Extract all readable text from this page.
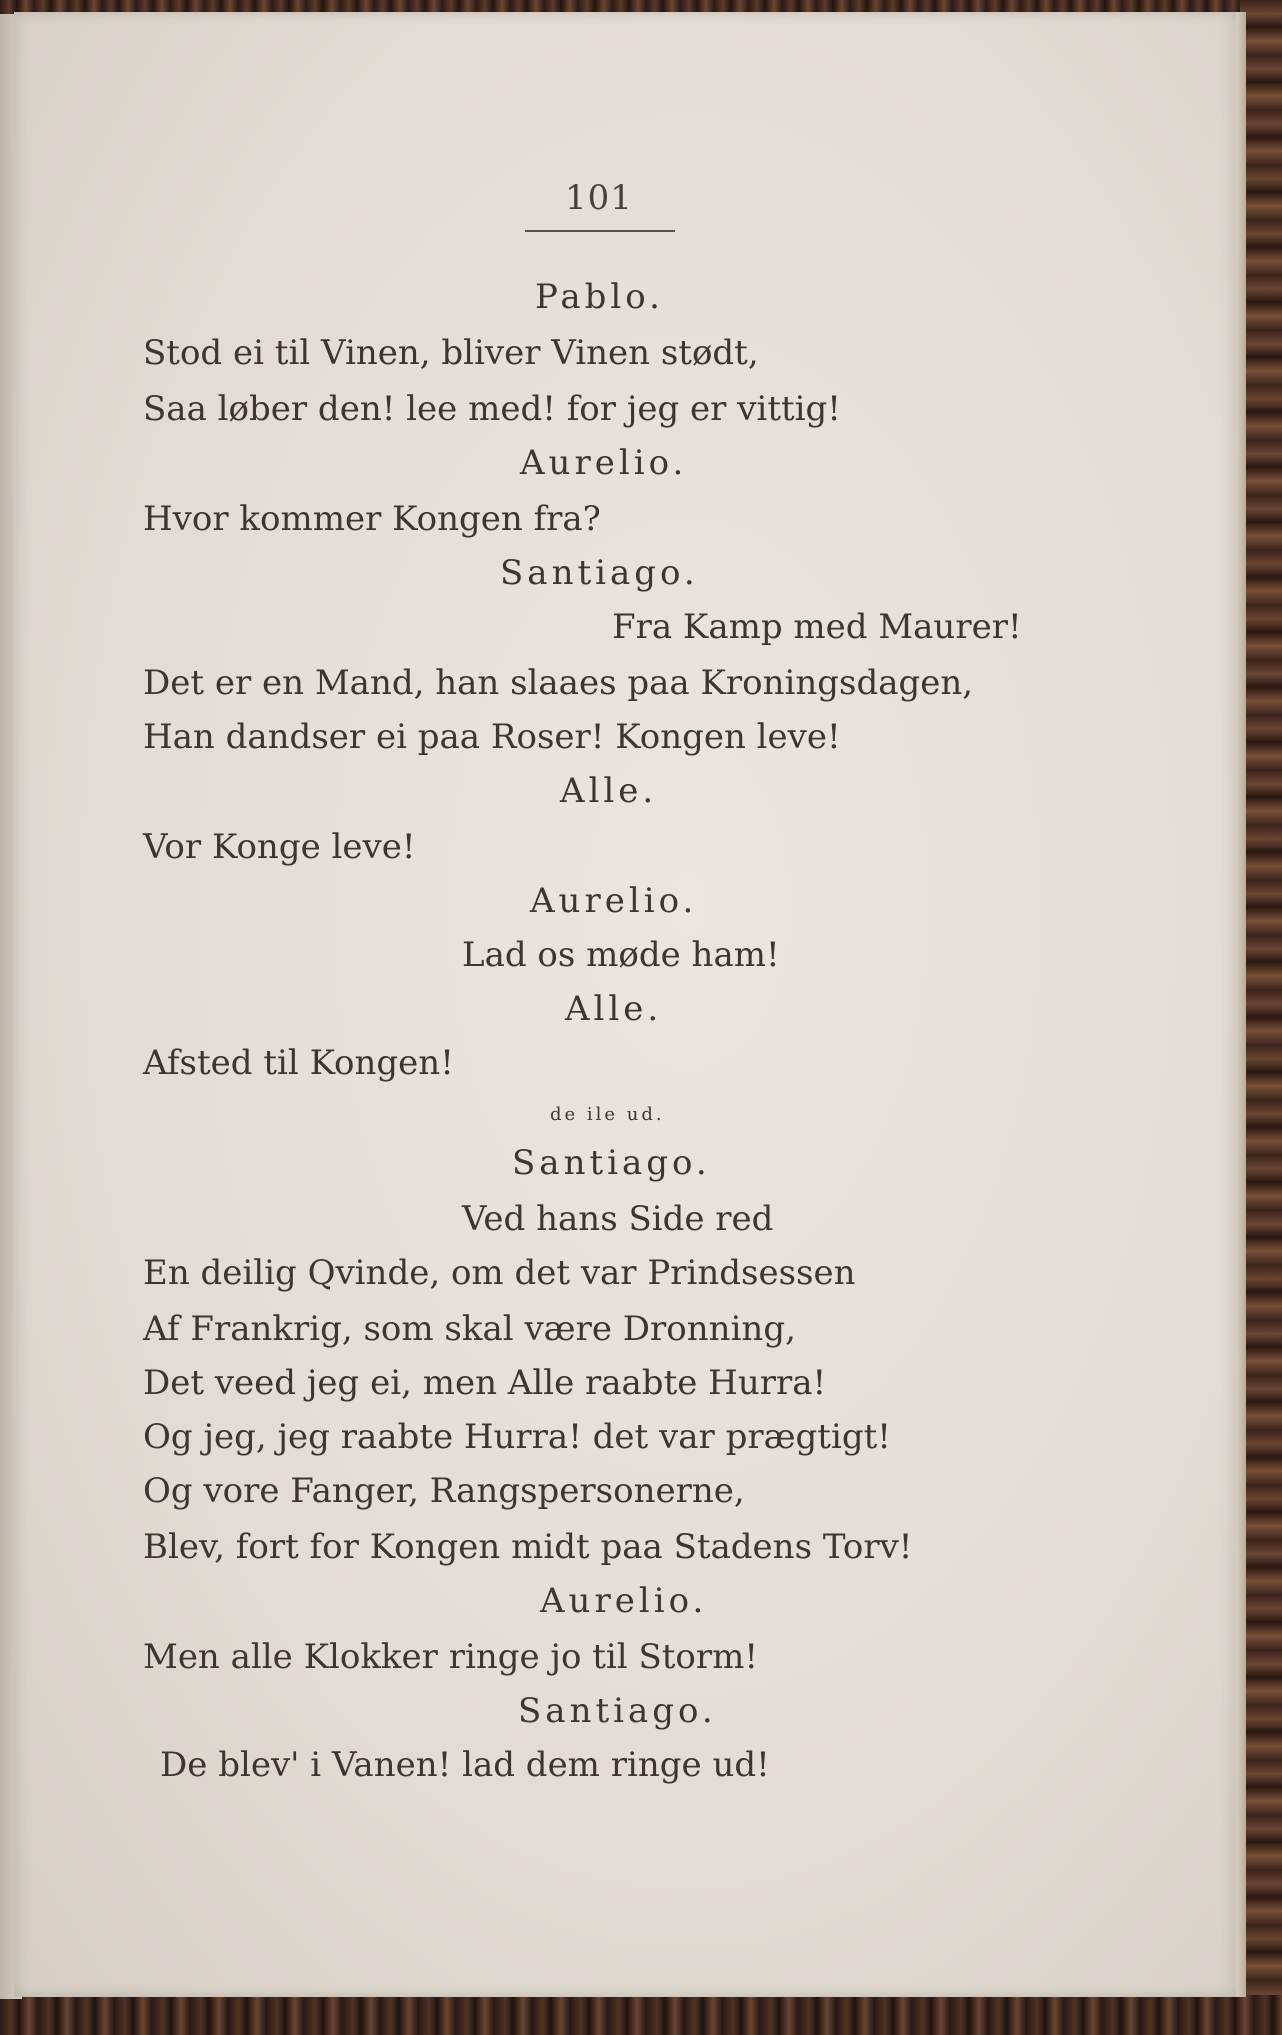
101
Pablo.
Stod ei til Vinen, bliver Vinen stødt,
Saa løber den! lee med! for jeg er vittig!
Aurelio.
Hvor kommer Kongen fra?
Santiago.
Fra Kamp med Maurer!
Det er en Mand, han slaaes paa Kroningsdagen,
Han dandser ei paa Roser! Kongen leve!
Alle.
Vor Konge leve!
Aurelio.
Lad os møde ham!
Alle.
Afsted til Kongen!
de ile ud.
Santiago.
Ved hans Side red
En deilig Qvinde, om det var Prindsessen
Af Frankrig, som skal være Dronning,
Det veed jeg ei, men Alle raabte Hurra!
Og jeg, jeg raabte Hurra! det var prægtigt!
Og vore Fanger, Rangspersonerne,
Blev, fort for Kongen midt paa Stadens Torv!
Aurelio.
Men alle Klokker ringe jo til Storm!
Santiago.
De blev' i Vanen! lad dem ringe ud!
